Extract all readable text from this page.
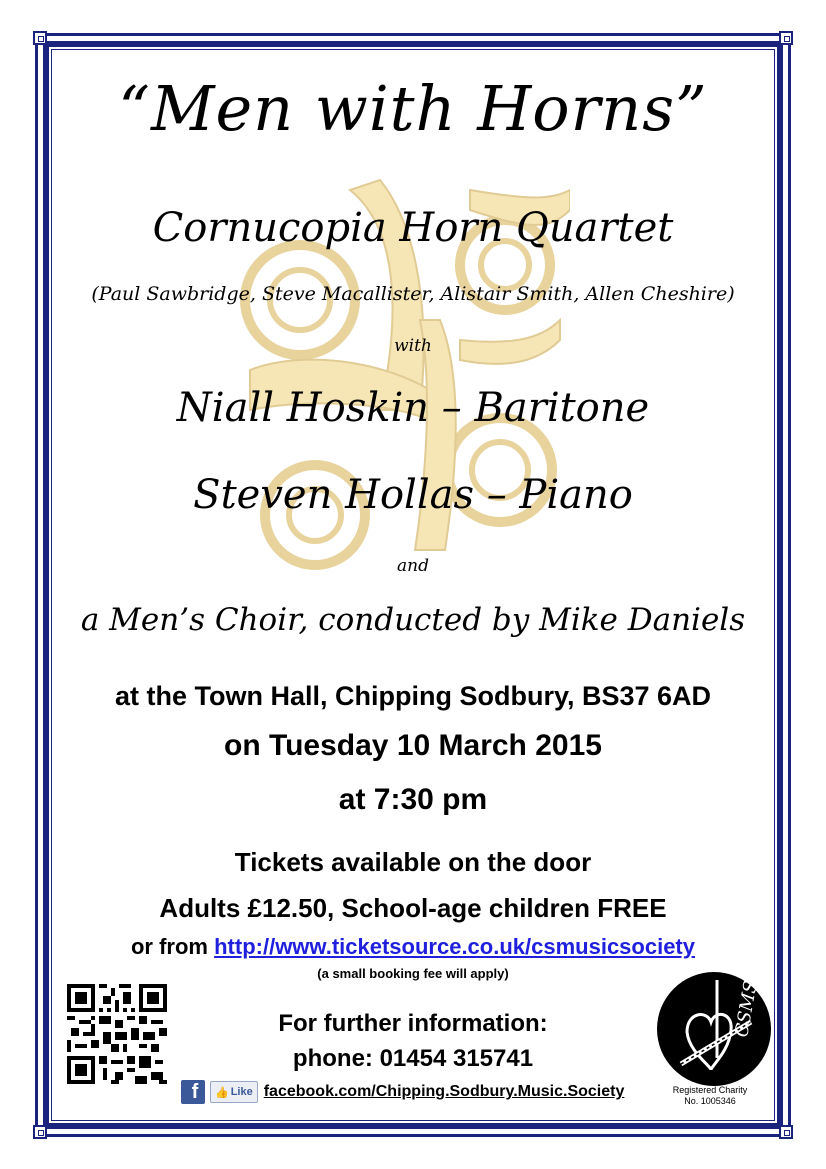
“Men with Horns”
Cornucopia Horn Quartet
(Paul Sawbridge, Steve Macallister, Alistair Smith, Allen Cheshire)
with
Niall Hoskin – Baritone
Steven Hollas – Piano
and
a Men’s Choir, conducted by Mike Daniels
at the Town Hall, Chipping Sodbury, BS37 6AD
on Tuesday 10 March 2015
at 7:30 pm
Tickets available on the door
Adults £12.50, School-age children FREE
or from http://www.ticketsource.co.uk/csmusicsociety
(a small booking fee will apply)
For further information:
phone: 01454 315741
f	👍 Like facebook.com/Chipping.Sodbury.Music.Society
CSMS
Registered Charity
No. 1005346
